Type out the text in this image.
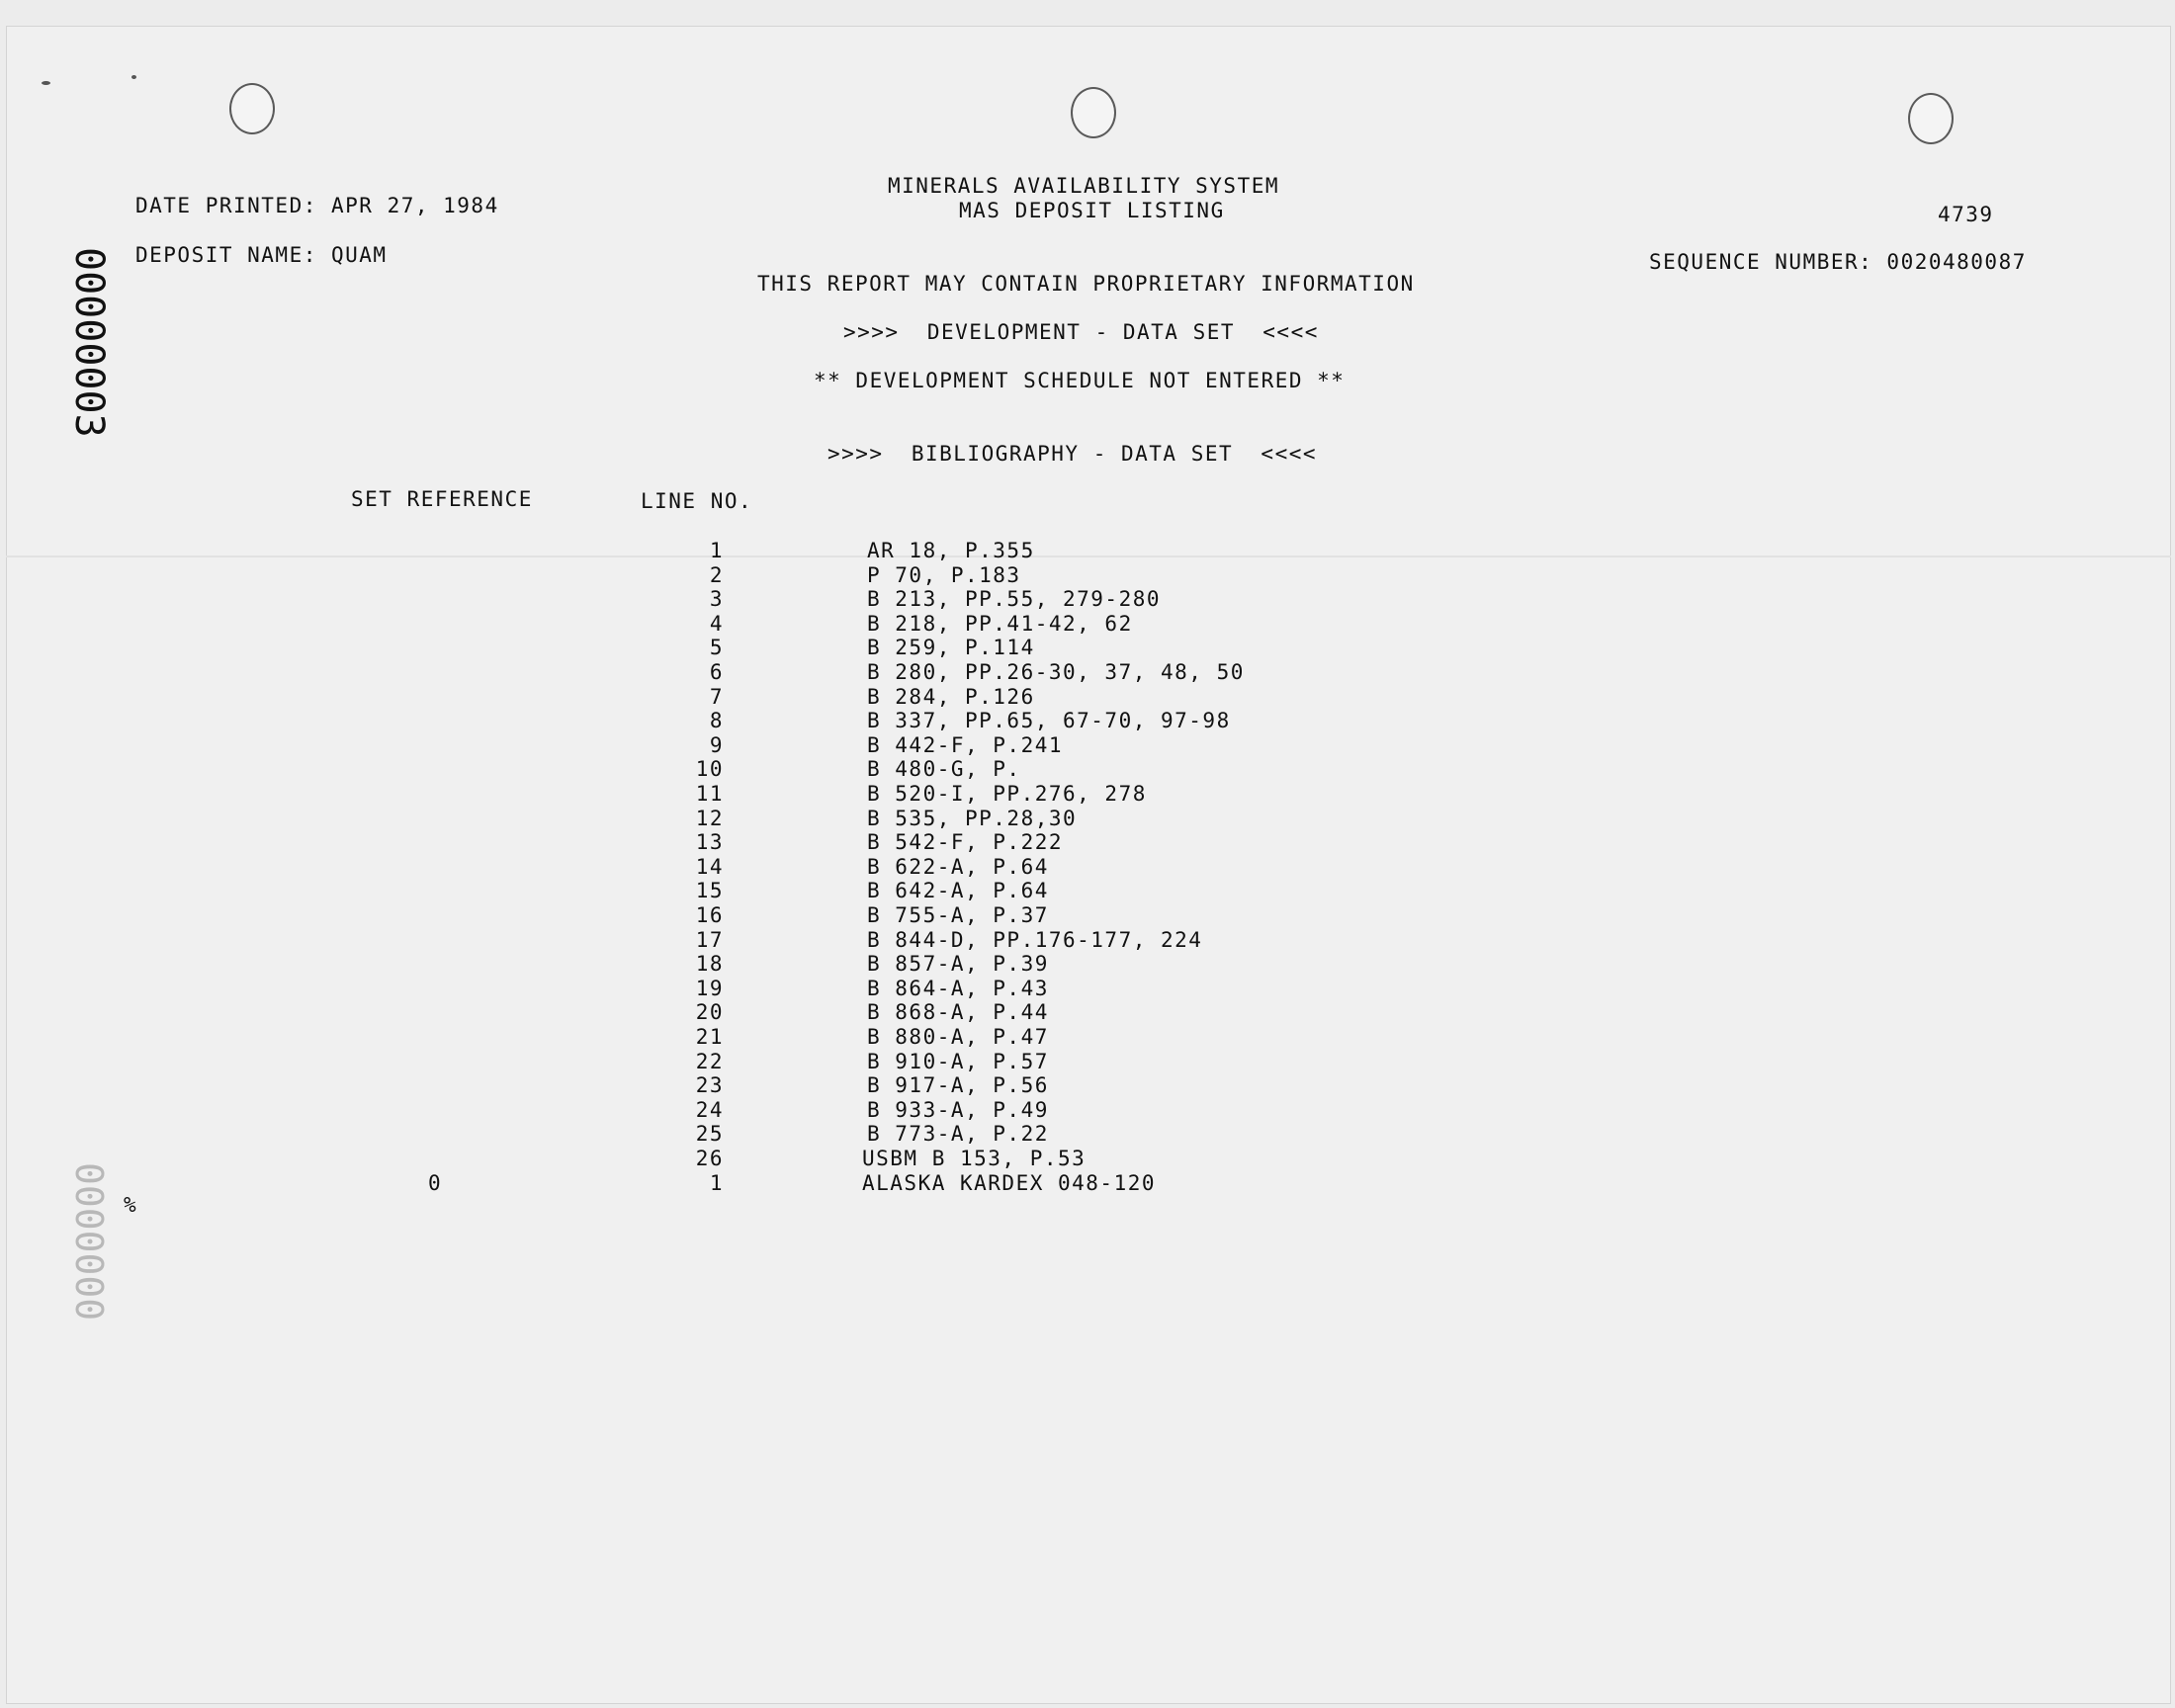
00000003
0000000
DATE PRINTED: APR 27, 1984
DEPOSIT NAME: QUAM
MINERALS AVAILABILITY SYSTEM
MAS DEPOSIT LISTING	4739
SEQUENCE NUMBER: 0020480087
THIS REPORT MAY CONTAIN PROPRIETARY INFORMATION
>>>>  DEVELOPMENT - DATA SET  <<<<
** DEVELOPMENT SCHEDULE NOT ENTERED **
>>>>  BIBLIOGRAPHY - DATA SET  <<<<
SET REFERENCE	LINE NO.
%
1	AR 18, P.355
2	P 70, P.183
3	B 213, PP.55, 279-280
4	B 218, PP.41-42, 62
5	B 259, P.114
6	B 280, PP.26-30, 37, 48, 50
7	B 284, P.126
8	B 337, PP.65, 67-70, 97-98
9	B 442-F, P.241
10	B 480-G, P.
11	B 520-I, PP.276, 278
12	B 535, PP.28,30
13	B 542-F, P.222
14	B 622-A, P.64
15	B 642-A, P.64
16	B 755-A, P.37
17	B 844-D, PP.176-177, 224
18	B 857-A, P.39
19	B 864-A, P.43
20	B 868-A, P.44
21	B 880-A, P.47
22	B 910-A, P.57
23	B 917-A, P.56
24	B 933-A, P.49
25	B 773-A, P.22
26	USBM B 153, P.53
0	1	ALASKA KARDEX 048-120
